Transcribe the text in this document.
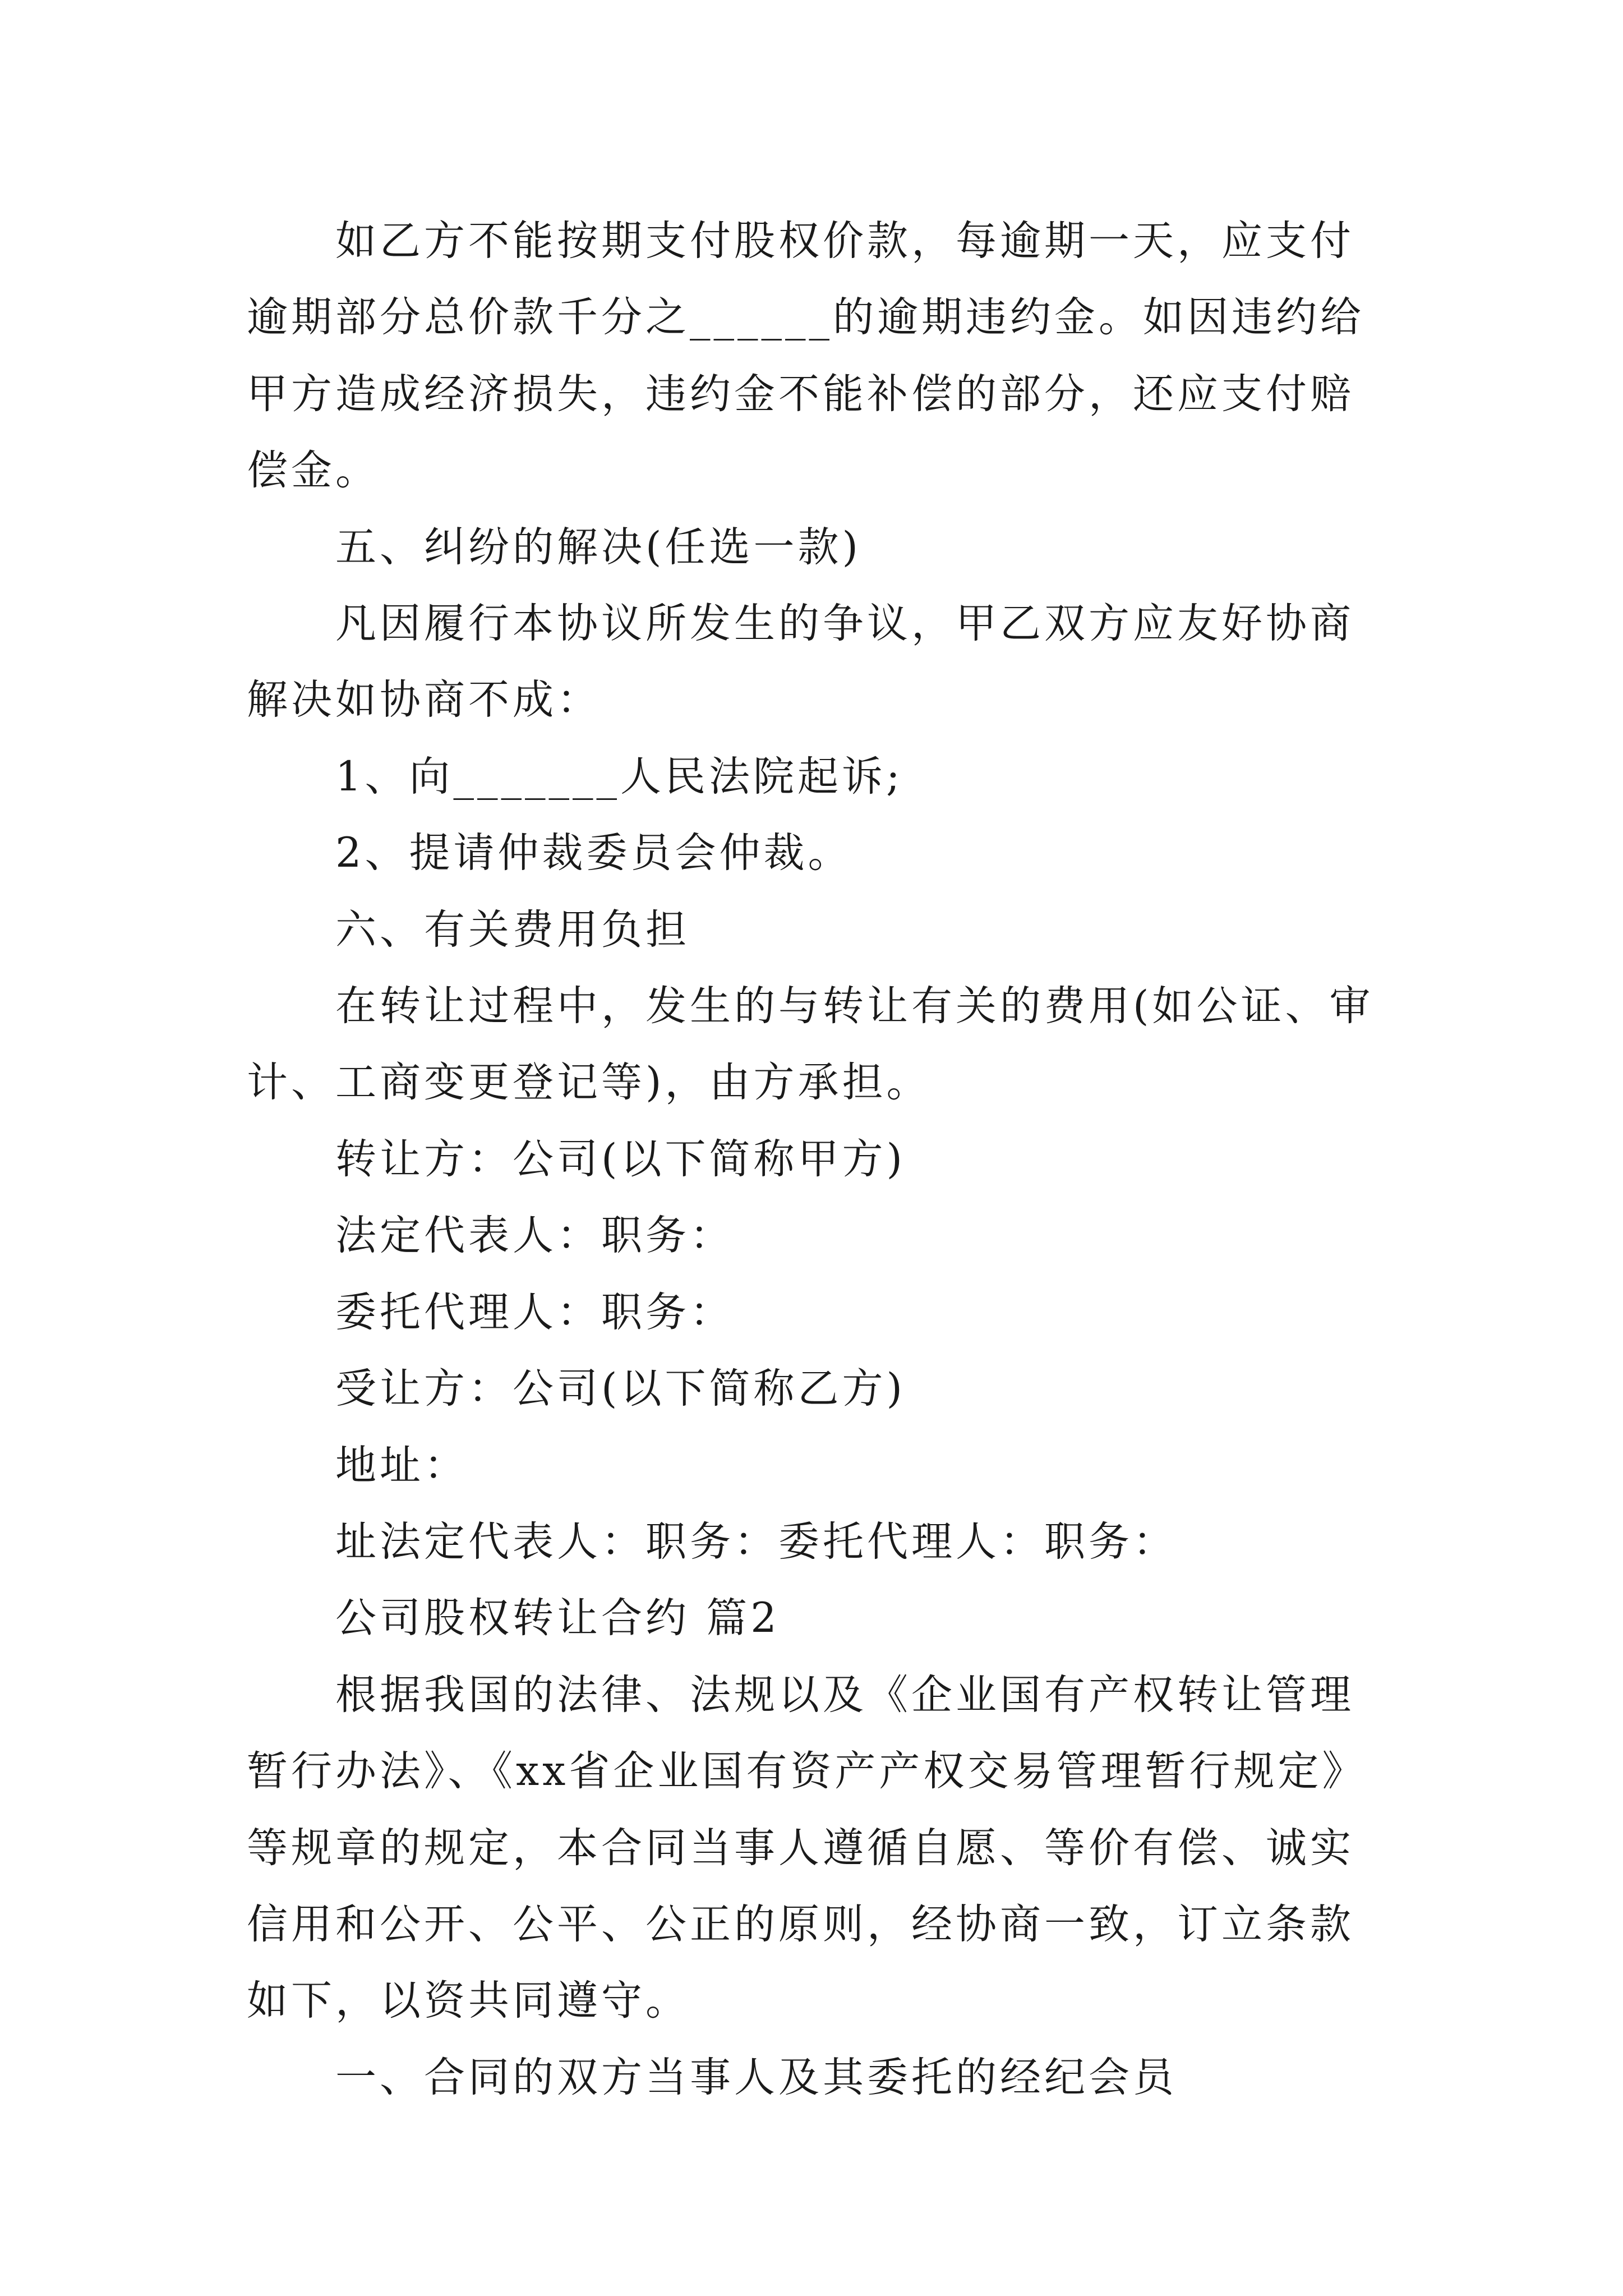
如乙方不能按期支付股权价款，每逾期一天，应支付逾期部分总价款千分之______的逾期违约金。如因违约给甲方造成经济损失，违约金不能补偿的部分，还应支付赔偿金。

五、纠纷的解决(任选一款)

凡因履行本协议所发生的争议，甲乙双方应友好协商解决如协商不成：

1、向_______人民法院起诉;

2、提请仲裁委员会仲裁。

六、有关费用负担

在转让过程中，发生的与转让有关的费用(如公证、审计、工商变更登记等)，由方承担。

转让方：公司(以下简称甲方)

法定代表人：职务：

委托代理人：职务：

受让方：公司(以下简称乙方)

地址：

址法定代表人：职务：委托代理人：职务：

公司股权转让合约 篇2

根据我国的法律、法规以及《企业国有产权转让管理暂行办法》、《xx省企业国有资产产权交易管理暂行规定》等规章的规定，本合同当事人遵循自愿、等价有偿、诚实信用和公开、公平、公正的原则，经协商一致，订立条款如下，以资共同遵守。

一、合同的双方当事人及其委托的经纪会员
